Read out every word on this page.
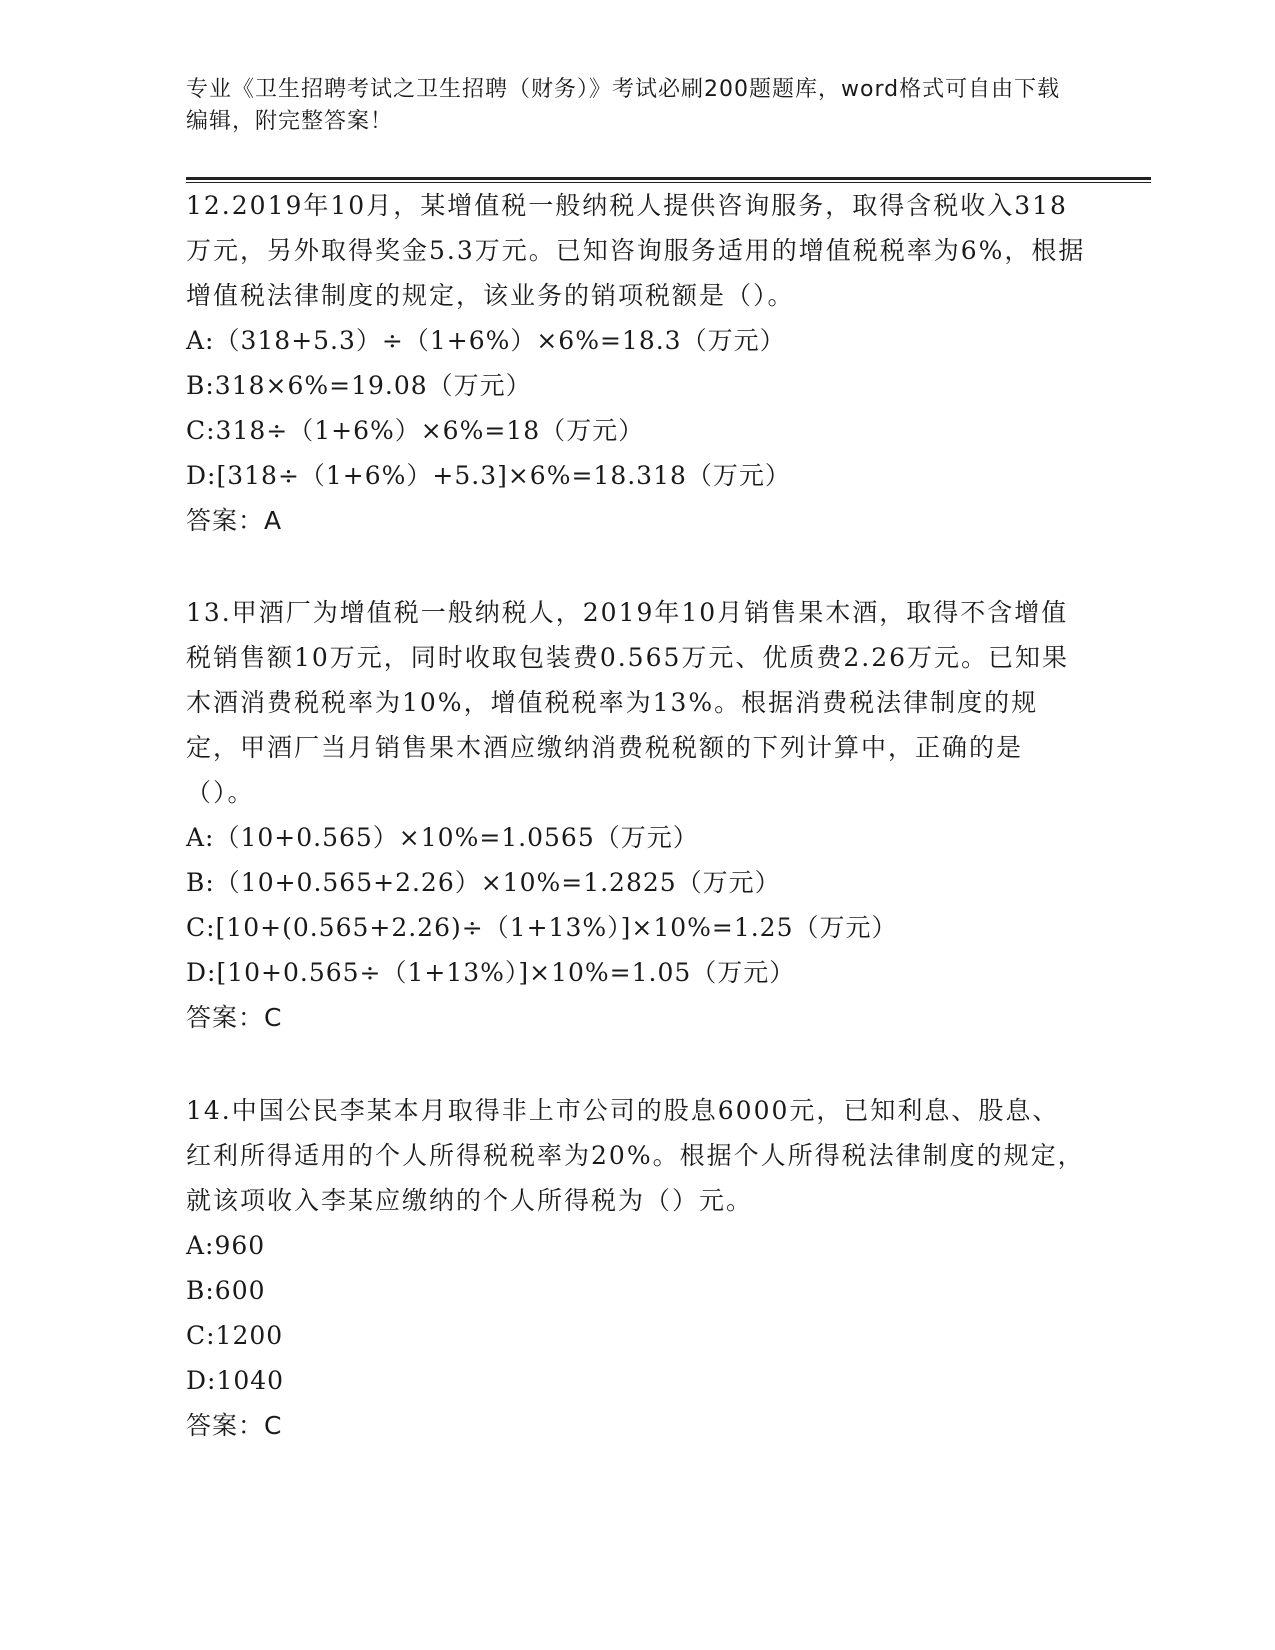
专业《卫生招聘考试之卫生招聘（财务）》考试必刷200题题库，word格式可自由下载编辑，附完整答案！

12.2019年10月，某增值税一般纳税人提供咨询服务，取得含税收入318万元，另外取得奖金5.3万元。已知咨询服务适用的增值税税率为6%，根据增值税法律制度的规定，该业务的销项税额是（）。

A:（318+5.3）÷（1+6%）×6%=18.3（万元）

B:318×6%=19.08（万元）

C:318÷（1+6%）×6%=18（万元）

D:[318÷（1+6%）+5.3]×6%=18.318（万元）

答案：A

13.甲酒厂为增值税一般纳税人，2019年10月销售果木酒，取得不含增值税销售额10万元，同时收取包装费0.565万元、优质费2.26万元。已知果木酒消费税税率为10%，增值税税率为13%。根据消费税法律制度的规定，甲酒厂当月销售果木酒应缴纳消费税税额的下列计算中，正确的是（）。

A:（10+0.565）×10%=1.0565（万元）

B:（10+0.565+2.26）×10%=1.2825（万元）

C:[10+(0.565+2.26)÷（1+13%）]×10%=1.25（万元）

D:[10+0.565÷（1+13%）]×10%=1.05（万元）

答案：C

14.中国公民李某本月取得非上市公司的股息6000元，已知利息、股息、红利所得适用的个人所得税税率为20%。根据个人所得税法律制度的规定，就该项收入李某应缴纳的个人所得税为（）元。

A:960

B:600

C:1200

D:1040

答案：C
